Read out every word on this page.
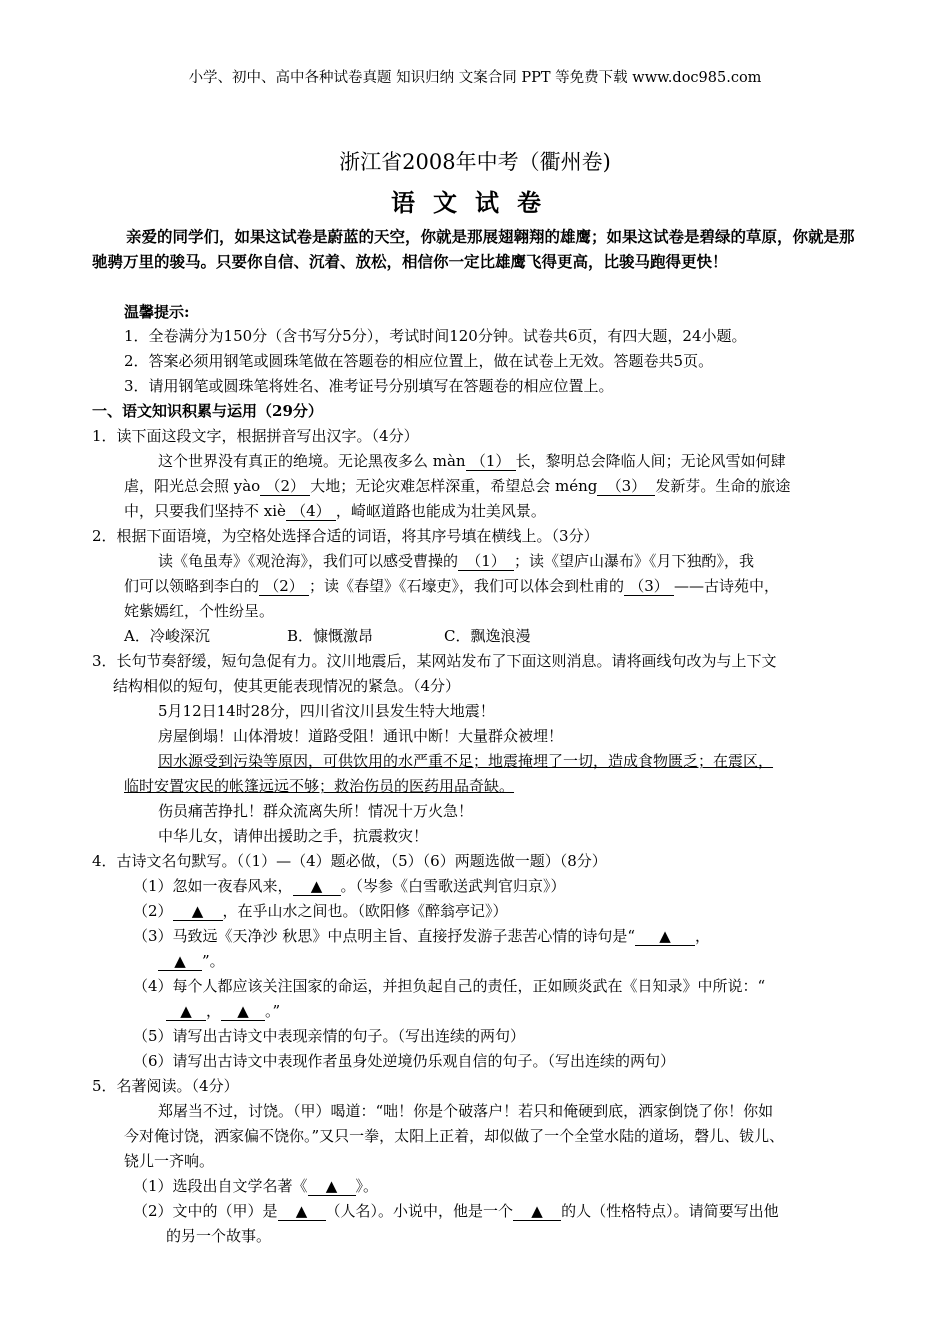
小学、初中、高中各种试卷真题 知识归纳 文案合同 PPT 等免费下载 www.doc985.com
浙江省2008年中考（衢州卷)
语文试卷
亲爱的同学们，如果这试卷是蔚蓝的天空，你就是那展翅翱翔的雄鹰；如果这试卷是碧绿的草原，你就是那驰骋万里的骏马。只要你自信、沉着、放松，相信你一定比雄鹰飞得更高，比骏马跑得更快！
温馨提示:
1．全卷满分为150分（含书写分5分），考试时间120分钟。试卷共6页，有四大题，24小题。
2．答案必须用钢笔或圆珠笔做在答题卷的相应位置上，做在试卷上无效。答题卷共5页。
3．请用钢笔或圆珠笔将姓名、准考证号分别填写在答题卷的相应位置上。
一、语文知识积累与运用（29分）
1．读下面这段文字，根据拼音写出汉字。（4分）
这个世界没有真正的绝境。无论黑夜多么 màn （1） 长，黎明总会降临人间；无论风雪如何肆
虐，阳光总会照 yào （2） 大地；无论灾难怎样深重，希望总会 méng （3） 发新芽。生命的旅途
中，只要我们坚持不 xiè （4） ，崎岖道路也能成为壮美风景。
2．根据下面语境，为空格处选择合适的词语，将其序号填在横线上。（3分）
读《龟虽寿》《观沧海》，我们可以感受曹操的 （1） ；读《望庐山瀑布》《月下独酌》，我
们可以领略到李白的 （2） ；读《春望》《石壕吏》，我们可以体会到杜甫的 （3） ——古诗苑中，
姹紫嫣红，个性纷呈。
A．冷峻深沉	B．慷慨激昂	C．飘逸浪漫
3．长句节奏舒缓，短句急促有力。汶川地震后，某网站发布了下面这则消息。请将画线句改为与上下文
结构相似的短句，使其更能表现情况的紧急。（4分）
5月12日14时28分，四川省汶川县发生特大地震！
房屋倒塌！山体滑坡！道路受阻！通讯中断！大量群众被埋！
因水源受到污染等原因，可供饮用的水严重不足；地震掩埋了一切，造成食物匮乏；在震区，
临时安置灾民的帐篷远远不够；救治伤员的医药用品奇缺。
伤员痛苦挣扎！群众流离失所！情况十万火急！
中华儿女，请伸出援助之手，抗震救灾！
4．古诗文名句默写。（（1）—（4）题必做，（5）（6）两题选做一题）（8分）
（1）忽如一夜春风来， ▲ 。（岑参《白雪歌送武判官归京》）
（2） ▲ ，在乎山水之间也。（欧阳修《醉翁亭记》）
（3）马致远《天净沙 秋思》中点明主旨、直接抒发游子悲苦心情的诗句是“ ▲ ，
▲ ”。
（4）每个人都应该关注国家的命运，并担负起自己的责任，正如顾炎武在《日知录》中所说：“
▲ ， ▲ 。”
（5）请写出古诗文中表现亲情的句子。（写出连续的两句）
（6）请写出古诗文中表现作者虽身处逆境仍乐观自信的句子。（写出连续的两句）
5．名著阅读。（4分）
郑屠当不过，讨饶。（甲）喝道：“咄！你是个破落户！若只和俺硬到底，洒家倒饶了你！你如
今对俺讨饶，洒家偏不饶你。”又只一拳，太阳上正着，却似做了一个全堂水陆的道场，磬儿、钹儿、
铙儿一齐响。
（1）选段出自文学名著《 ▲ 》。
（2）文中的（甲）是 ▲ （人名）。小说中，他是一个 ▲ 的人（性格特点）。请简要写出他
的另一个故事。
